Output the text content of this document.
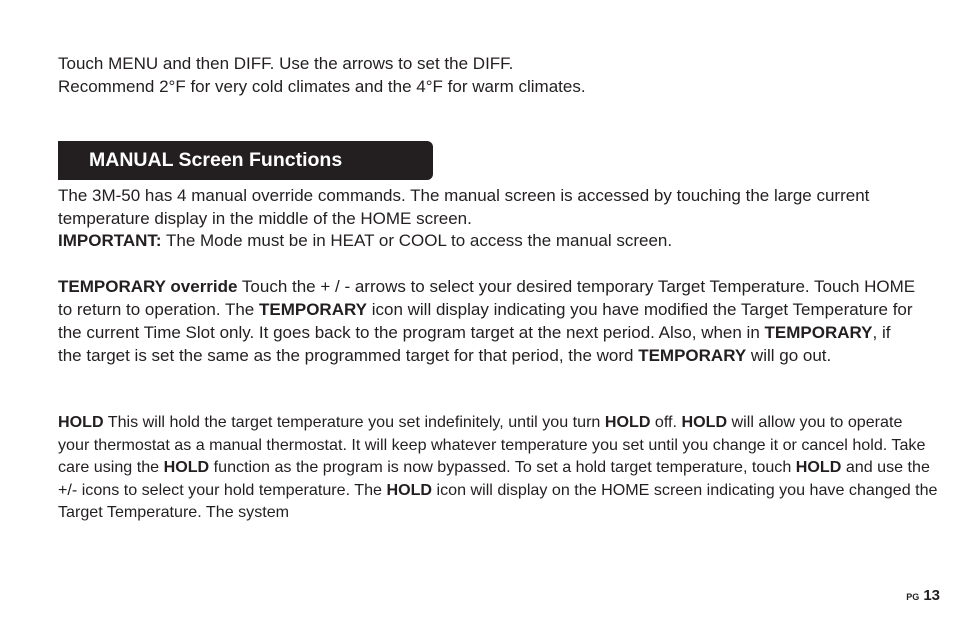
Touch MENU and then DIFF. Use the arrows to set the DIFF.

Recommend 2°F for very cold climates and the 4°F for warm climates.

MANUAL Screen Functions

The 3M-50 has 4 manual override commands. The manual screen is accessed by touching the large current temperature display in the middle of the HOME screen.

IMPORTANT: The Mode must be in HEAT or COOL to access the manual screen.

TEMPORARY override Touch the + / - arrows to select your desired temporary Target Temperature. Touch HOME to return to operation. The TEMPORARY icon will display indicating you have modified the Target Temperature for the current Time Slot only. It goes back to the program target at the next period. Also, when in TEMPORARY, if the target is set the same as the programmed target for that period, the word TEMPORARY will go out.

HOLD This will hold the target temperature you set indefinitely, until you turn HOLD off. HOLD will allow you to operate your thermostat as a manual thermostat. It will keep whatever temperature you set until you change it or cancel hold. Take care using the HOLD function as the program is now bypassed. To set a hold target temperature, touch HOLD and use the +/- icons to select your hold temperature. The HOLD icon will display on the HOME screen indicating you have changed the Target Temperature. The system

PG 13
